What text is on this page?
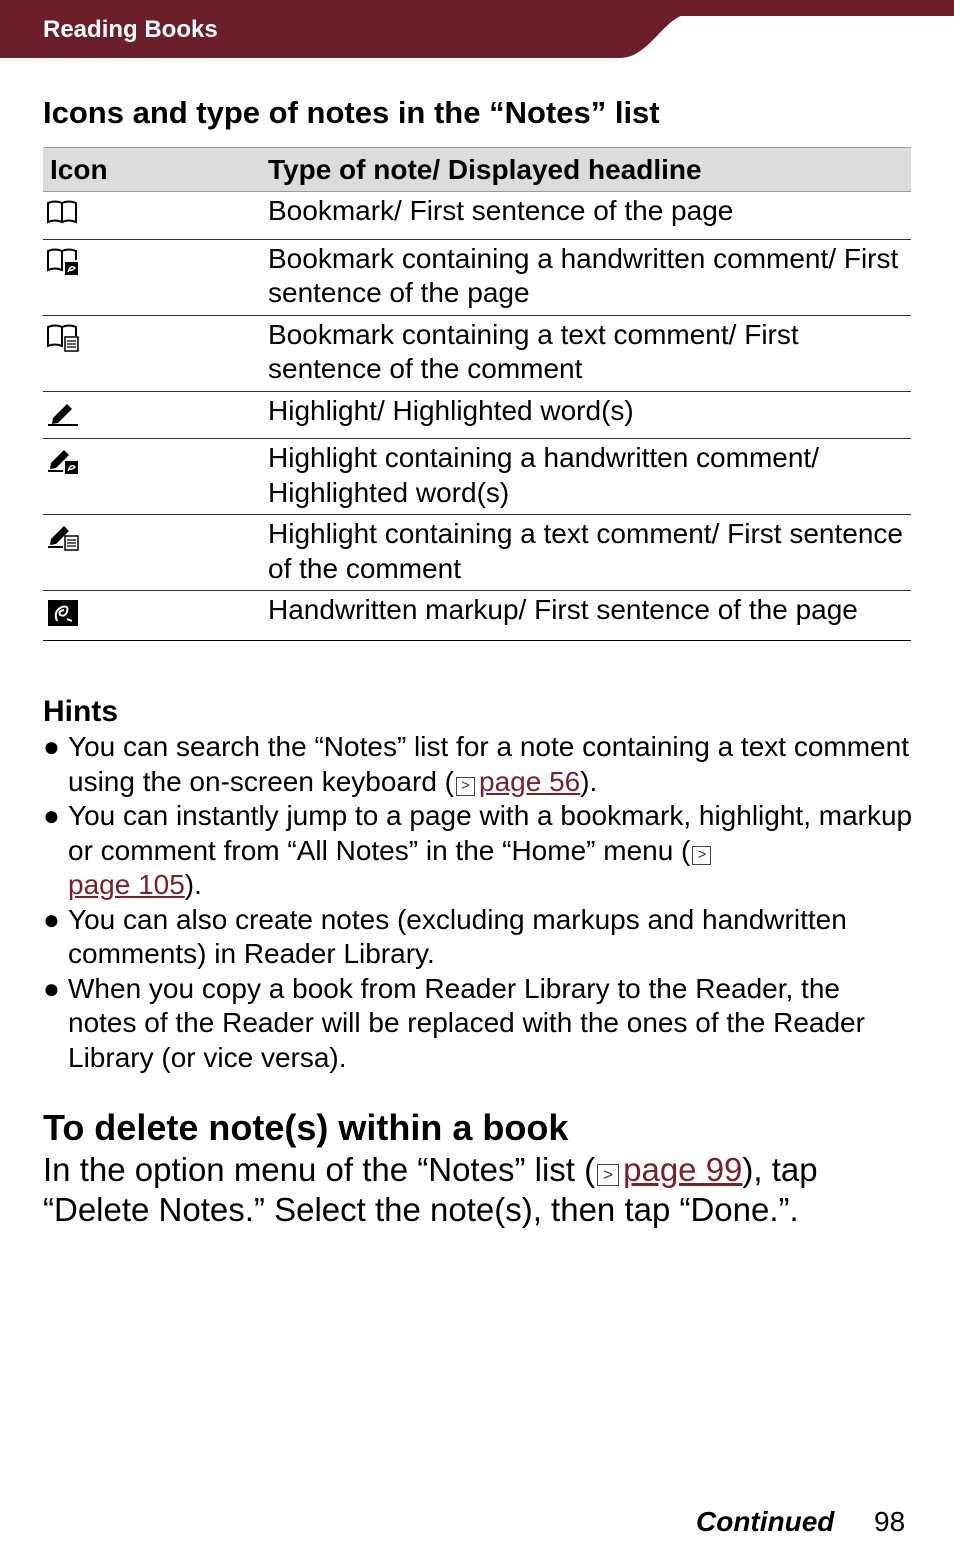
Reading Books
Icons and type of notes in the “Notes” list
Icon	Type of note/ Displayed headline
	Bookmark/ First sentence of the page
	Bookmark containing a handwritten comment/ First sentence of the page
	Bookmark containing a text comment/ First sentence of the comment
	Highlight/ Highlighted word(s)
	Highlight containing a handwritten comment/ Highlighted word(s)
	Highlight containing a text comment/ First sentence of the comment
	Handwritten markup/ First sentence of the page
Hints
● You can search the “Notes” list for a note containing a text comment using the on-screen keyboard ( > page 56).
● You can instantly jump to a page with a bookmark, highlight, markup or comment from “All Notes” in the “Home” menu ( >
page 105).
● You can also create notes (excluding markups and handwritten comments) in Reader Library.
● When you copy a book from Reader Library to the Reader, the notes of the Reader will be replaced with the ones of the Reader Library (or vice versa).
To delete note(s) within a book
In the option menu of the “Notes” list ( > page 99), tap “Delete Notes.” Select the note(s), then tap “Done.”.
Continued 98
